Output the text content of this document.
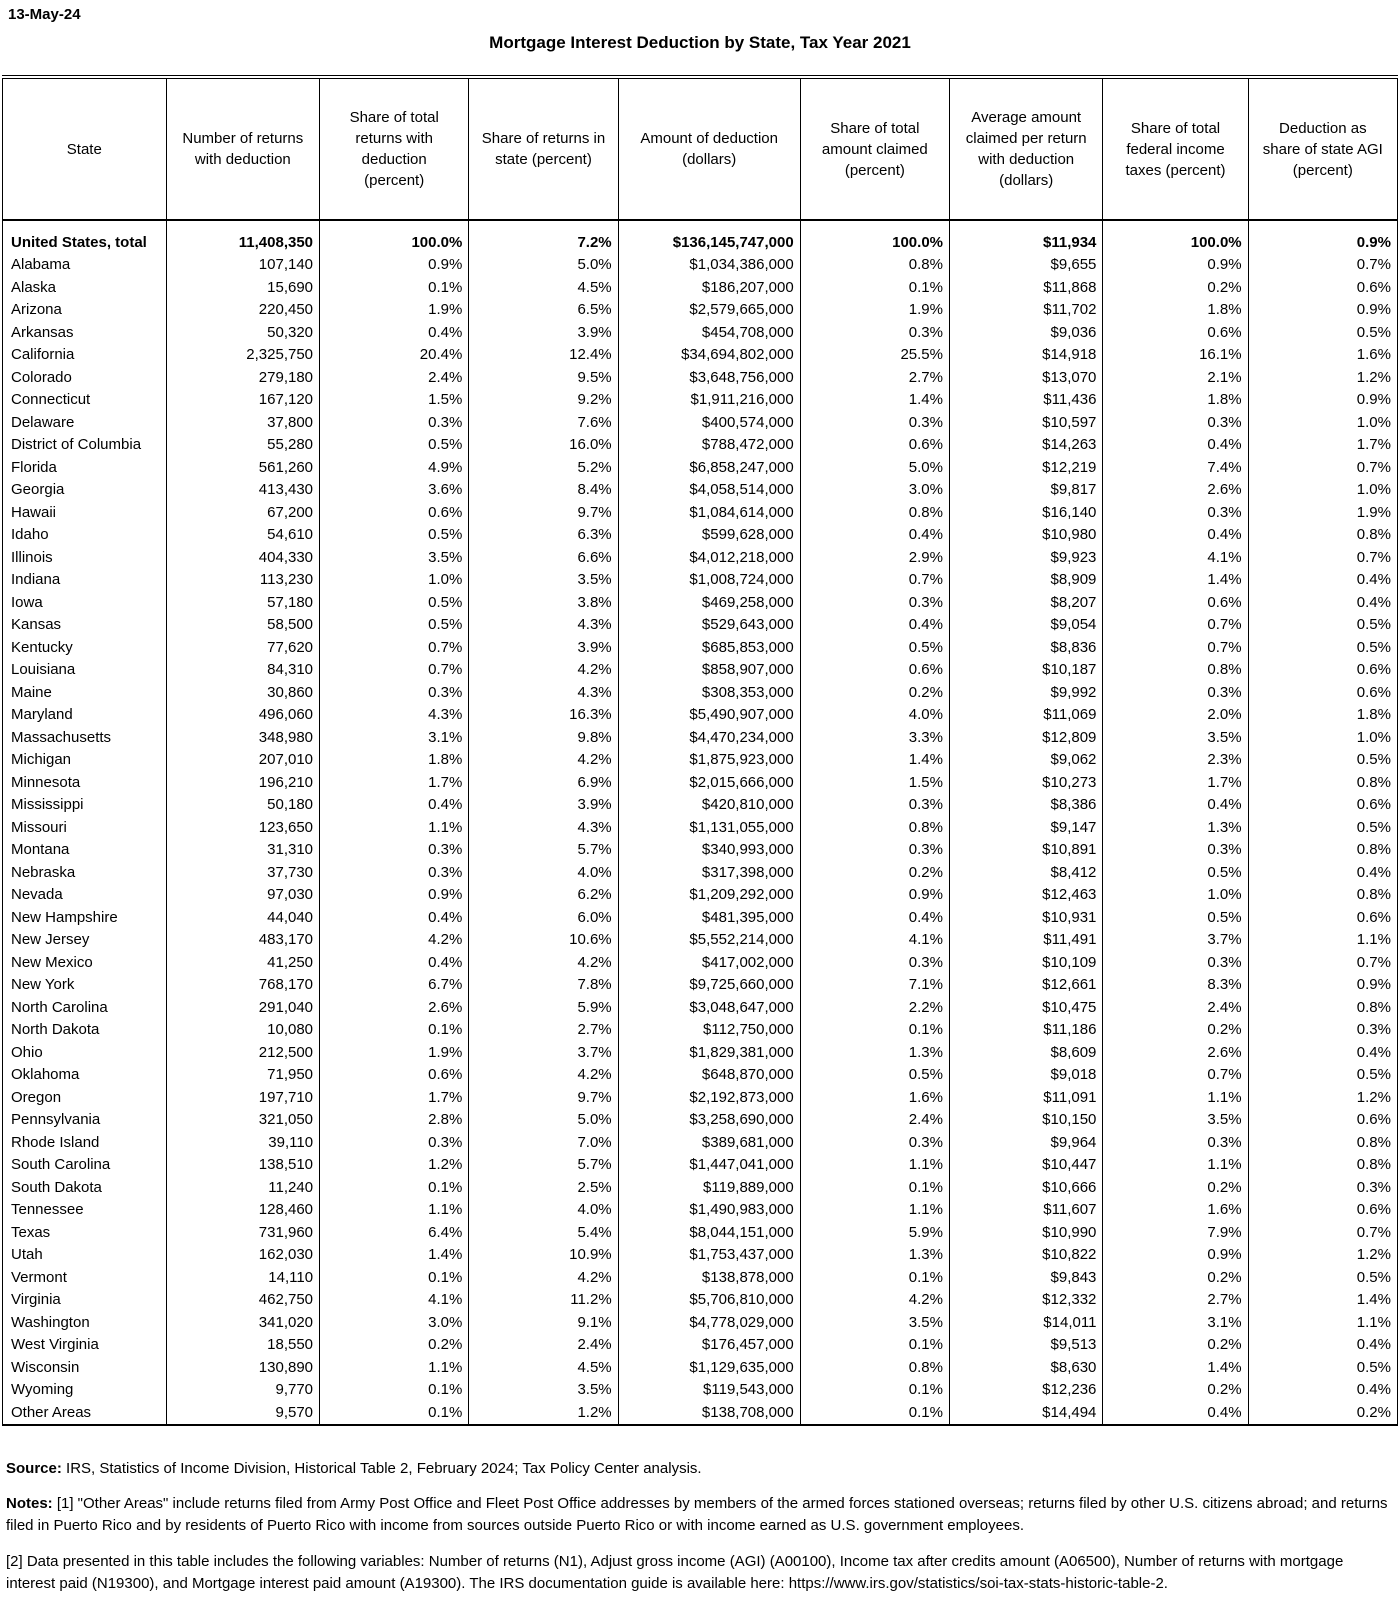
13-May-24
Mortgage Interest Deduction by State, Tax Year 2021
State	Number of returns with deduction	Share of total returns with deduction (percent)	Share of returns in state (percent)	Amount of deduction (dollars)	Share of total amount claimed (percent)	Average amount claimed per return with deduction (dollars)	Share of total federal income taxes (percent)	Deduction as share of state AGI (percent)
United States, total	11,408,350	100.0%	7.2%	$136,145,747,000	100.0%	$11,934	100.0%	0.9%
Alabama	107,140	0.9%	5.0%	$1,034,386,000	0.8%	$9,655	0.9%	0.7%
Alaska	15,690	0.1%	4.5%	$186,207,000	0.1%	$11,868	0.2%	0.6%
Arizona	220,450	1.9%	6.5%	$2,579,665,000	1.9%	$11,702	1.8%	0.9%
Arkansas	50,320	0.4%	3.9%	$454,708,000	0.3%	$9,036	0.6%	0.5%
California	2,325,750	20.4%	12.4%	$34,694,802,000	25.5%	$14,918	16.1%	1.6%
Colorado	279,180	2.4%	9.5%	$3,648,756,000	2.7%	$13,070	2.1%	1.2%
Connecticut	167,120	1.5%	9.2%	$1,911,216,000	1.4%	$11,436	1.8%	0.9%
Delaware	37,800	0.3%	7.6%	$400,574,000	0.3%	$10,597	0.3%	1.0%
District of Columbia	55,280	0.5%	16.0%	$788,472,000	0.6%	$14,263	0.4%	1.7%
Florida	561,260	4.9%	5.2%	$6,858,247,000	5.0%	$12,219	7.4%	0.7%
Georgia	413,430	3.6%	8.4%	$4,058,514,000	3.0%	$9,817	2.6%	1.0%
Hawaii	67,200	0.6%	9.7%	$1,084,614,000	0.8%	$16,140	0.3%	1.9%
Idaho	54,610	0.5%	6.3%	$599,628,000	0.4%	$10,980	0.4%	0.8%
Illinois	404,330	3.5%	6.6%	$4,012,218,000	2.9%	$9,923	4.1%	0.7%
Indiana	113,230	1.0%	3.5%	$1,008,724,000	0.7%	$8,909	1.4%	0.4%
Iowa	57,180	0.5%	3.8%	$469,258,000	0.3%	$8,207	0.6%	0.4%
Kansas	58,500	0.5%	4.3%	$529,643,000	0.4%	$9,054	0.7%	0.5%
Kentucky	77,620	0.7%	3.9%	$685,853,000	0.5%	$8,836	0.7%	0.5%
Louisiana	84,310	0.7%	4.2%	$858,907,000	0.6%	$10,187	0.8%	0.6%
Maine	30,860	0.3%	4.3%	$308,353,000	0.2%	$9,992	0.3%	0.6%
Maryland	496,060	4.3%	16.3%	$5,490,907,000	4.0%	$11,069	2.0%	1.8%
Massachusetts	348,980	3.1%	9.8%	$4,470,234,000	3.3%	$12,809	3.5%	1.0%
Michigan	207,010	1.8%	4.2%	$1,875,923,000	1.4%	$9,062	2.3%	0.5%
Minnesota	196,210	1.7%	6.9%	$2,015,666,000	1.5%	$10,273	1.7%	0.8%
Mississippi	50,180	0.4%	3.9%	$420,810,000	0.3%	$8,386	0.4%	0.6%
Missouri	123,650	1.1%	4.3%	$1,131,055,000	0.8%	$9,147	1.3%	0.5%
Montana	31,310	0.3%	5.7%	$340,993,000	0.3%	$10,891	0.3%	0.8%
Nebraska	37,730	0.3%	4.0%	$317,398,000	0.2%	$8,412	0.5%	0.4%
Nevada	97,030	0.9%	6.2%	$1,209,292,000	0.9%	$12,463	1.0%	0.8%
New Hampshire	44,040	0.4%	6.0%	$481,395,000	0.4%	$10,931	0.5%	0.6%
New Jersey	483,170	4.2%	10.6%	$5,552,214,000	4.1%	$11,491	3.7%	1.1%
New Mexico	41,250	0.4%	4.2%	$417,002,000	0.3%	$10,109	0.3%	0.7%
New York	768,170	6.7%	7.8%	$9,725,660,000	7.1%	$12,661	8.3%	0.9%
North Carolina	291,040	2.6%	5.9%	$3,048,647,000	2.2%	$10,475	2.4%	0.8%
North Dakota	10,080	0.1%	2.7%	$112,750,000	0.1%	$11,186	0.2%	0.3%
Ohio	212,500	1.9%	3.7%	$1,829,381,000	1.3%	$8,609	2.6%	0.4%
Oklahoma	71,950	0.6%	4.2%	$648,870,000	0.5%	$9,018	0.7%	0.5%
Oregon	197,710	1.7%	9.7%	$2,192,873,000	1.6%	$11,091	1.1%	1.2%
Pennsylvania	321,050	2.8%	5.0%	$3,258,690,000	2.4%	$10,150	3.5%	0.6%
Rhode Island	39,110	0.3%	7.0%	$389,681,000	0.3%	$9,964	0.3%	0.8%
South Carolina	138,510	1.2%	5.7%	$1,447,041,000	1.1%	$10,447	1.1%	0.8%
South Dakota	11,240	0.1%	2.5%	$119,889,000	0.1%	$10,666	0.2%	0.3%
Tennessee	128,460	1.1%	4.0%	$1,490,983,000	1.1%	$11,607	1.6%	0.6%
Texas	731,960	6.4%	5.4%	$8,044,151,000	5.9%	$10,990	7.9%	0.7%
Utah	162,030	1.4%	10.9%	$1,753,437,000	1.3%	$10,822	0.9%	1.2%
Vermont	14,110	0.1%	4.2%	$138,878,000	0.1%	$9,843	0.2%	0.5%
Virginia	462,750	4.1%	11.2%	$5,706,810,000	4.2%	$12,332	2.7%	1.4%
Washington	341,020	3.0%	9.1%	$4,778,029,000	3.5%	$14,011	3.1%	1.1%
West Virginia	18,550	0.2%	2.4%	$176,457,000	0.1%	$9,513	0.2%	0.4%
Wisconsin	130,890	1.1%	4.5%	$1,129,635,000	0.8%	$8,630	1.4%	0.5%
Wyoming	9,770	0.1%	3.5%	$119,543,000	0.1%	$12,236	0.2%	0.4%
Other Areas	9,570	0.1%	1.2%	$138,708,000	0.1%	$14,494	0.4%	0.2%

Source: IRS, Statistics of Income Division, Historical Table 2, February 2024; Tax Policy Center analysis.

Notes: [1] "Other Areas" include returns filed from Army Post Office and Fleet Post Office addresses by members of the armed forces stationed overseas; returns filed by other U.S. citizens abroad; and returns filed in Puerto Rico and by residents of Puerto Rico with income from sources outside Puerto Rico or with income earned as U.S. government employees.

[2] Data presented in this table includes the following variables: Number of returns (N1), Adjust gross income (AGI) (A00100), Income tax after credits amount (A06500), Number of returns with mortgage interest paid (N19300), and Mortgage interest paid amount (A19300). The IRS documentation guide is available here: https://www.irs.gov/statistics/soi-tax-stats-historic-table-2.
